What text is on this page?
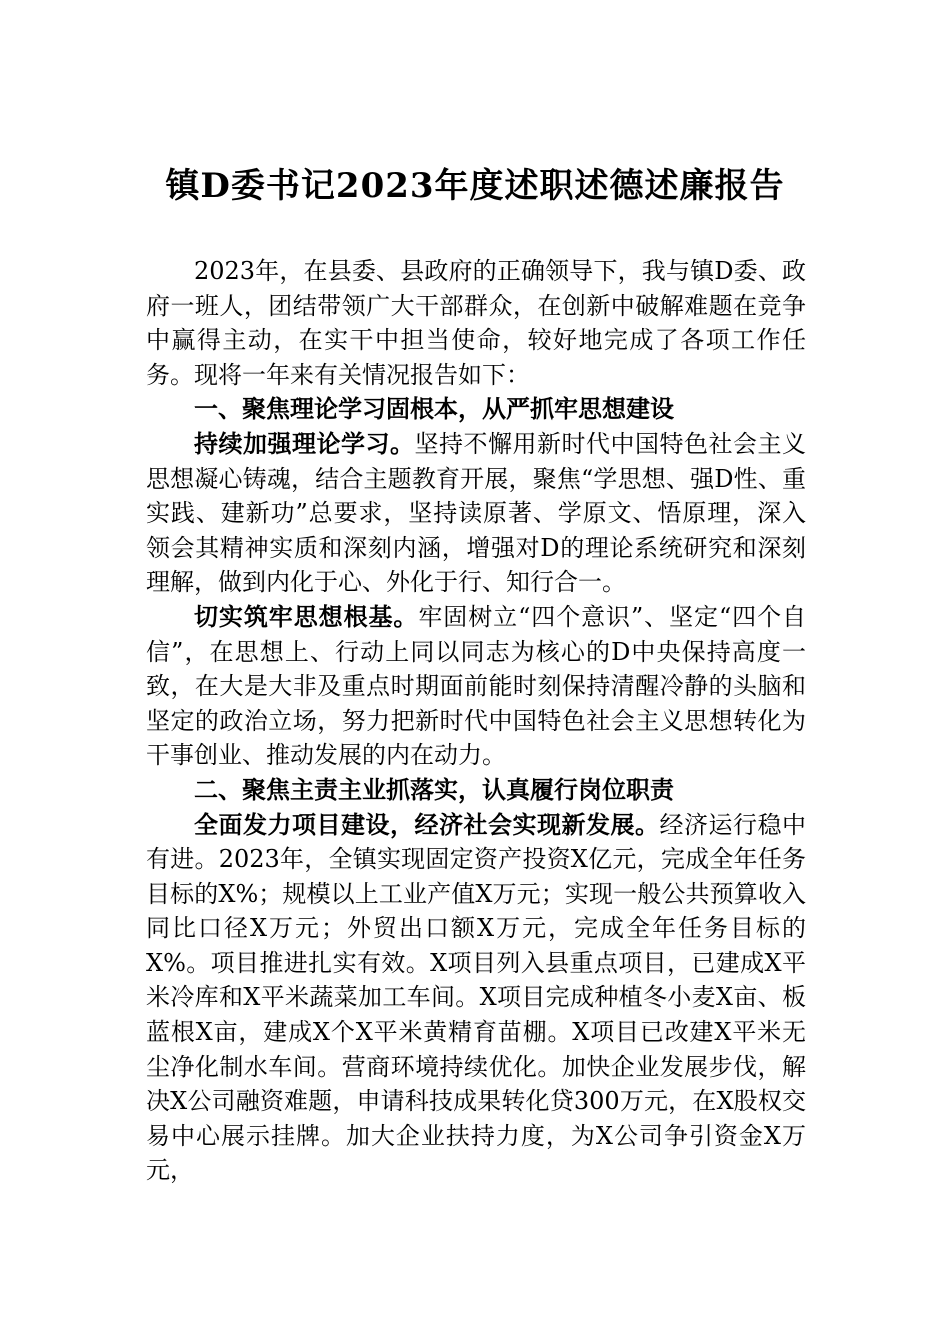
镇D委书记2023年度述职述德述廉报告

2023年，在县委、县政府的正确领导下，我与镇D委、政府一班人，团结带领广大干部群众，在创新中破解难题在竞争中赢得主动，在实干中担当使命，较好地完成了各项工作任务。现将一年来有关情况报告如下：

一、聚焦理论学习固根本，从严抓牢思想建设

持续加强理论学习。坚持不懈用新时代中国特色社会主义思想凝心铸魂，结合主题教育开展，聚焦“学思想、强D性、重实践、建新功”总要求，坚持读原著、学原文、悟原理，深入领会其精神实质和深刻内涵，增强对D的理论系统研究和深刻理解，做到内化于心、外化于行、知行合一。

切实筑牢思想根基。牢固树立“四个意识”、坚定“四个自信”，在思想上、行动上同以同志为核心的D中央保持高度一致，在大是大非及重点时期面前能时刻保持清醒冷静的头脑和坚定的政治立场，努力把新时代中国特色社会主义思想转化为干事创业、推动发展的内在动力。

二、聚焦主责主业抓落实，认真履行岗位职责

全面发力项目建设，经济社会实现新发展。经济运行稳中有进。2023年，全镇实现固定资产投资X亿元，完成全年任务目标的X%；规模以上工业产值X万元；实现一般公共预算收入同比口径X万元；外贸出口额X万元，完成全年任务目标的X%。项目推进扎实有效。X项目列入县重点项目，已建成X平米冷库和X平米蔬菜加工车间。X项目完成种植冬小麦X亩、板蓝根X亩，建成X个X平米黄精育苗棚。X项目已改建X平米无尘净化制水车间。营商环境持续优化。加快企业发展步伐，解决X公司融资难题，申请科技成果转化贷300万元，在X股权交易中心展示挂牌。加大企业扶持力度，为X公司争引资金X万元，
